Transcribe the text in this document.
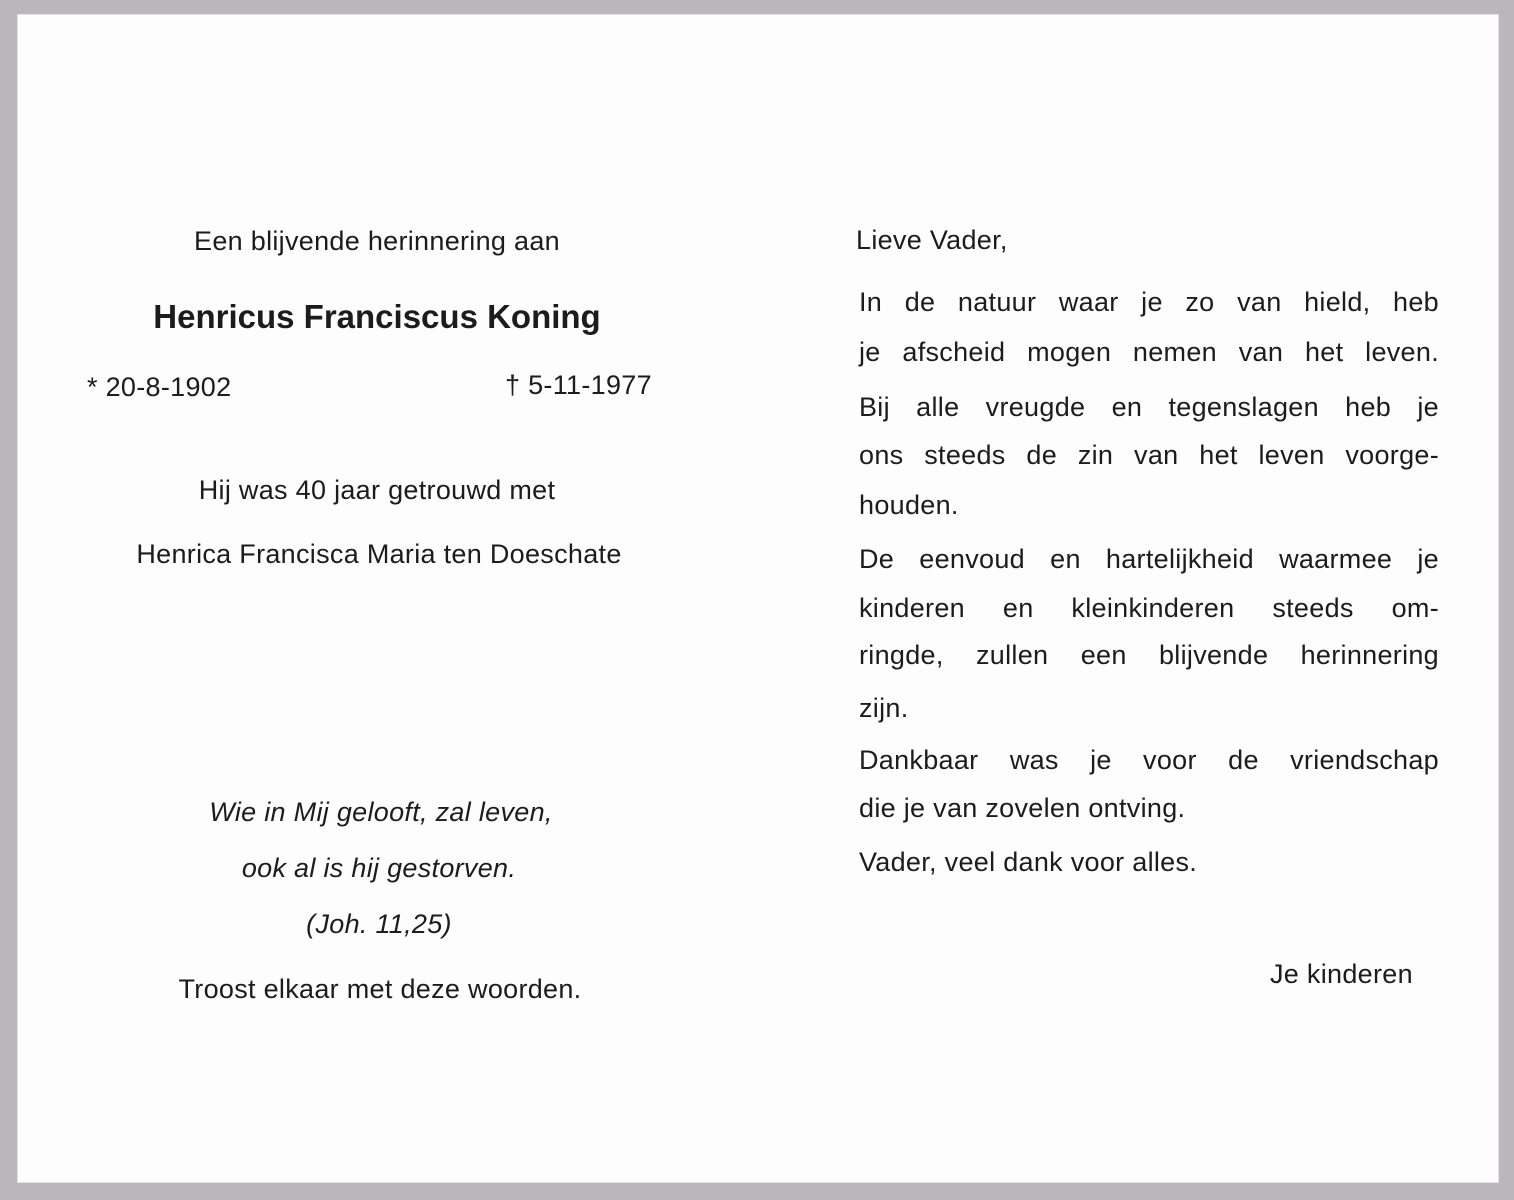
Een blijvende herinnering aan
Henricus Franciscus Koning
* 20-8-1902	† 5-11-1977
Hij was 40 jaar getrouwd met
Henrica Francisca Maria ten Doeschate
Wie in Mij gelooft, zal leven,
ook al is hij gestorven.
(Joh. 11,25)
Troost elkaar met deze woorden.
Lieve Vader,
In de natuur waar je zo van hield, heb
je afscheid mogen nemen van het leven.
Bij alle vreugde en tegenslagen heb je
ons steeds de zin van het leven voorge-
houden.
De eenvoud en hartelijkheid waarmee je
kinderen en kleinkinderen steeds om-
ringde, zullen een blijvende herinnering
zijn.
Dankbaar was je voor de vriendschap
die je van zovelen ontving.
Vader, veel dank voor alles.
Je kinderen
